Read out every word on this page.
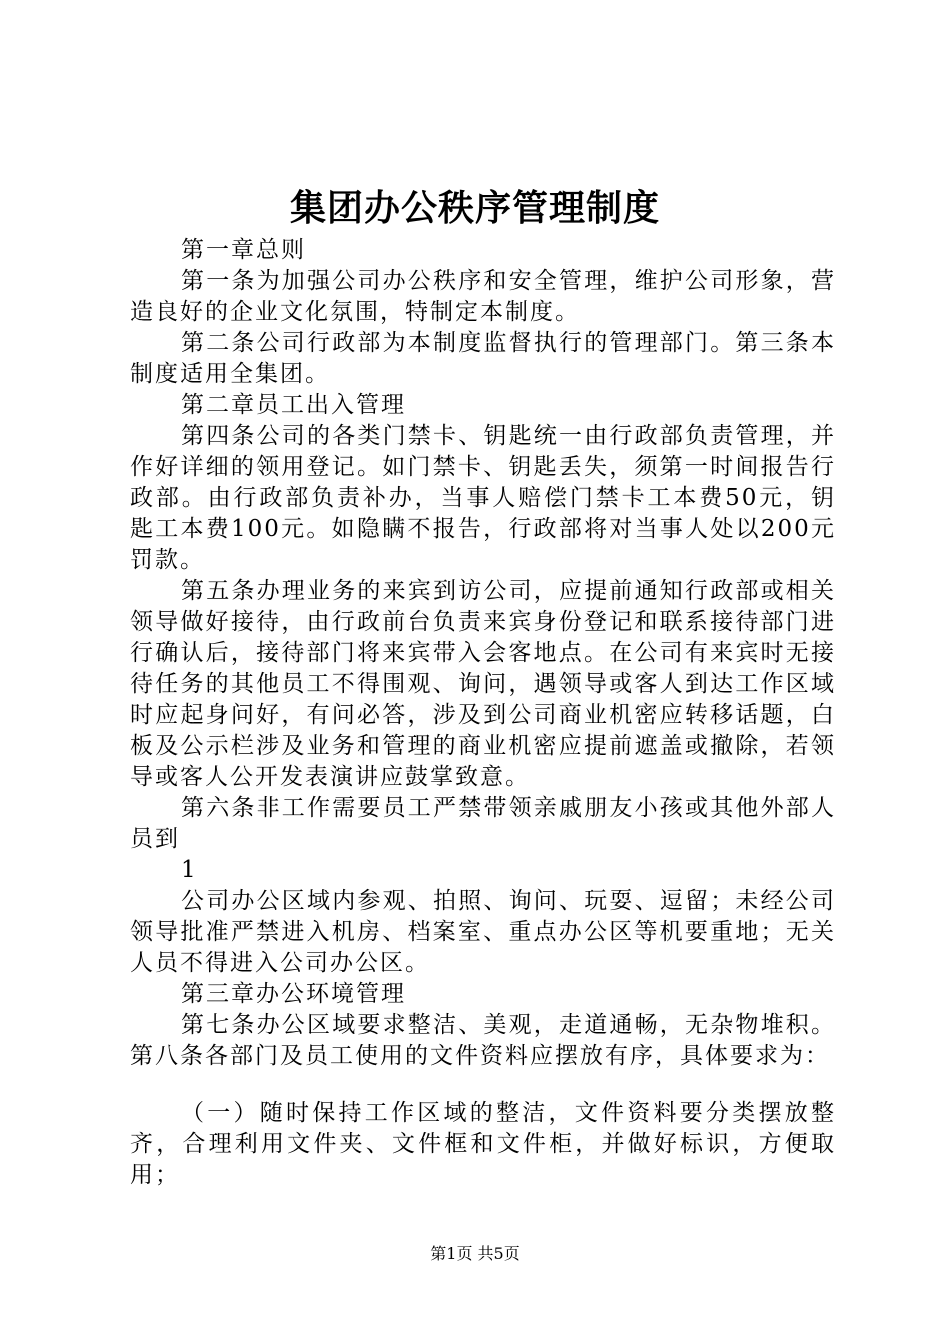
集团办公秩序管理制度

第一章总则

第一条为加强公司办公秩序和安全管理，维护公司形象，营造良好的企业文化氛围，特制定本制度。

第二条公司行政部为本制度监督执行的管理部门。第三条本制度适用全集团。

第二章员工出入管理

第四条公司的各类门禁卡、钥匙统一由行政部负责管理，并作好详细的领用登记。如门禁卡、钥匙丢失，须第一时间报告行政部。由行政部负责补办，当事人赔偿门禁卡工本费50元，钥匙工本费100元。如隐瞒不报告，行政部将对当事人处以200元罚款。

第五条办理业务的来宾到访公司，应提前通知行政部或相关领导做好接待，由行政前台负责来宾身份登记和联系接待部门进行确认后，接待部门将来宾带入会客地点。在公司有来宾时无接待任务的其他员工不得围观、询问，遇领导或客人到达工作区域时应起身问好，有问必答，涉及到公司商业机密应转移话题，白板及公示栏涉及业务和管理的商业机密应提前遮盖或撤除，若领导或客人公开发表演讲应鼓掌致意。

第六条非工作需要员工严禁带领亲戚朋友小孩或其他外部人员到

1

公司办公区域内参观、拍照、询问、玩耍、逗留；未经公司领导批准严禁进入机房、档案室、重点办公区等机要重地；无关人员不得进入公司办公区。

第三章办公环境管理

第七条办公区域要求整洁、美观，走道通畅，无杂物堆积。第八条各部门及员工使用的文件资料应摆放有序，具体要求为：

（一）随时保持工作区域的整洁，文件资料要分类摆放整齐，合理利用文件夹、文件框和文件柜，并做好标识，方便取用；

第1页 共5页
